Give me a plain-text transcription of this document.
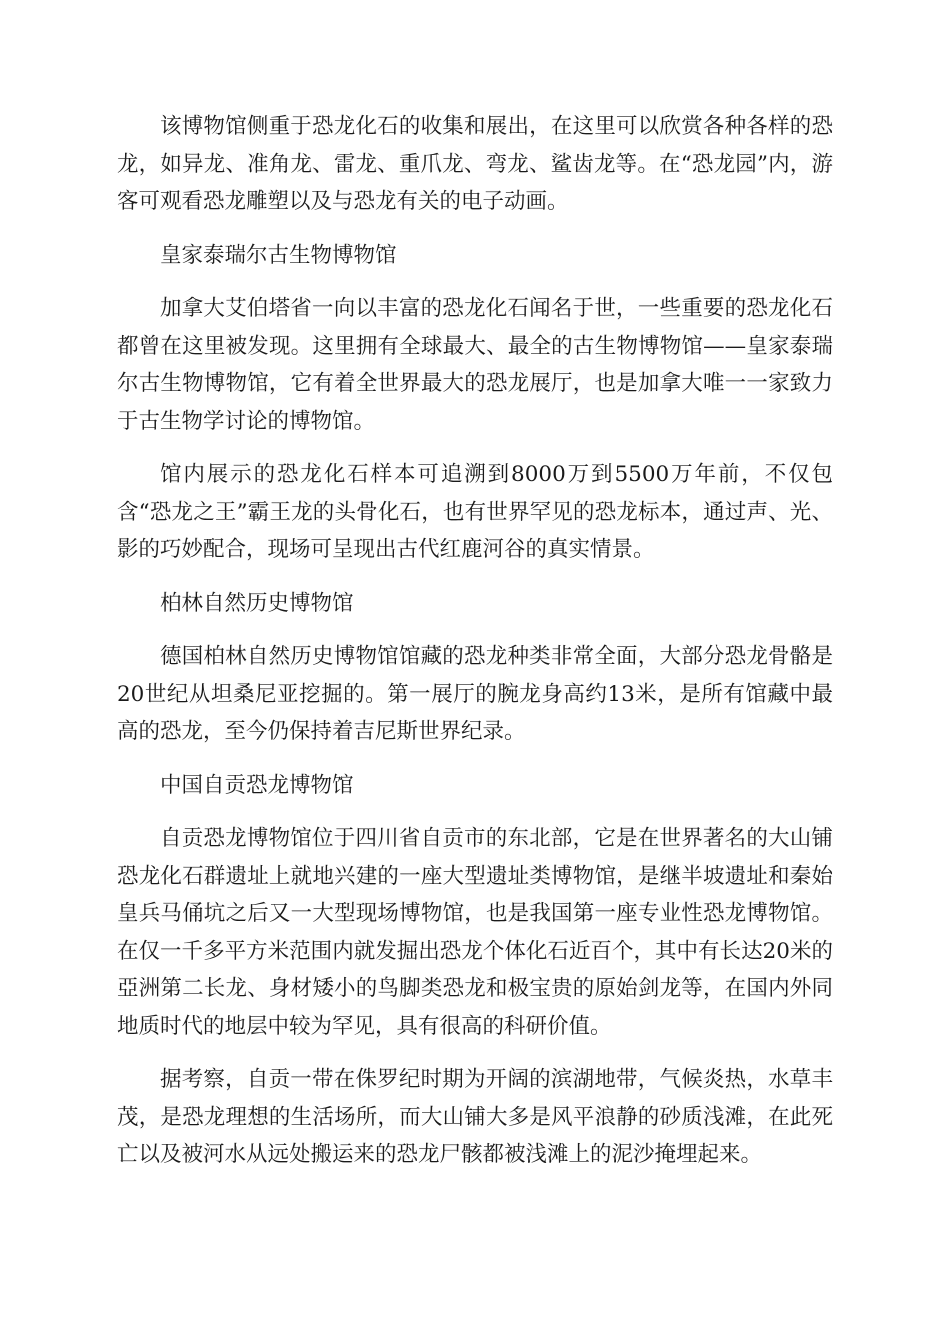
该博物馆侧重于恐龙化石的收集和展出，在这里可以欣赏各种各样的恐龙，如异龙、准角龙、雷龙、重爪龙、弯龙、鲨齿龙等。在“恐龙园”内，游客可观看恐龙雕塑以及与恐龙有关的电子动画。

皇家泰瑞尔古生物博物馆

加拿大艾伯塔省一向以丰富的恐龙化石闻名于世，一些重要的恐龙化石都曾在这里被发现。这里拥有全球最大、最全的古生物博物馆——皇家泰瑞尔古生物博物馆，它有着全世界最大的恐龙展厅，也是加拿大唯一一家致力于古生物学讨论的博物馆。

馆内展示的恐龙化石样本可追溯到8000万到5500万年前，不仅包含“恐龙之王”霸王龙的头骨化石，也有世界罕见的恐龙标本，通过声、光、影的巧妙配合，现场可呈现出古代红鹿河谷的真实情景。

柏林自然历史博物馆

德国柏林自然历史博物馆馆藏的恐龙种类非常全面，大部分恐龙骨骼是20世纪从坦桑尼亚挖掘的。第一展厅的腕龙身高约13米，是所有馆藏中最高的恐龙，至今仍保持着吉尼斯世界纪录。

中国自贡恐龙博物馆

自贡恐龙博物馆位于四川省自贡市的东北部，它是在世界著名的大山铺恐龙化石群遗址上就地兴建的一座大型遗址类博物馆，是继半坡遗址和秦始皇兵马俑坑之后又一大型现场博物馆，也是我国第一座专业性恐龙博物馆。在仅一千多平方米范围内就发掘出恐龙个体化石近百个，其中有长达20米的亞洲第二长龙、身材矮小的鸟脚类恐龙和极宝贵的原始剑龙等，在国内外同地质时代的地层中较为罕见，具有很高的科研价值。

据考察，自贡一带在侏罗纪时期为开阔的滨湖地带，气候炎热，水草丰茂，是恐龙理想的生活场所，而大山铺大多是风平浪静的砂质浅滩，在此死亡以及被河水从远处搬运来的恐龙尸骸都被浅滩上的泥沙掩埋起来。
